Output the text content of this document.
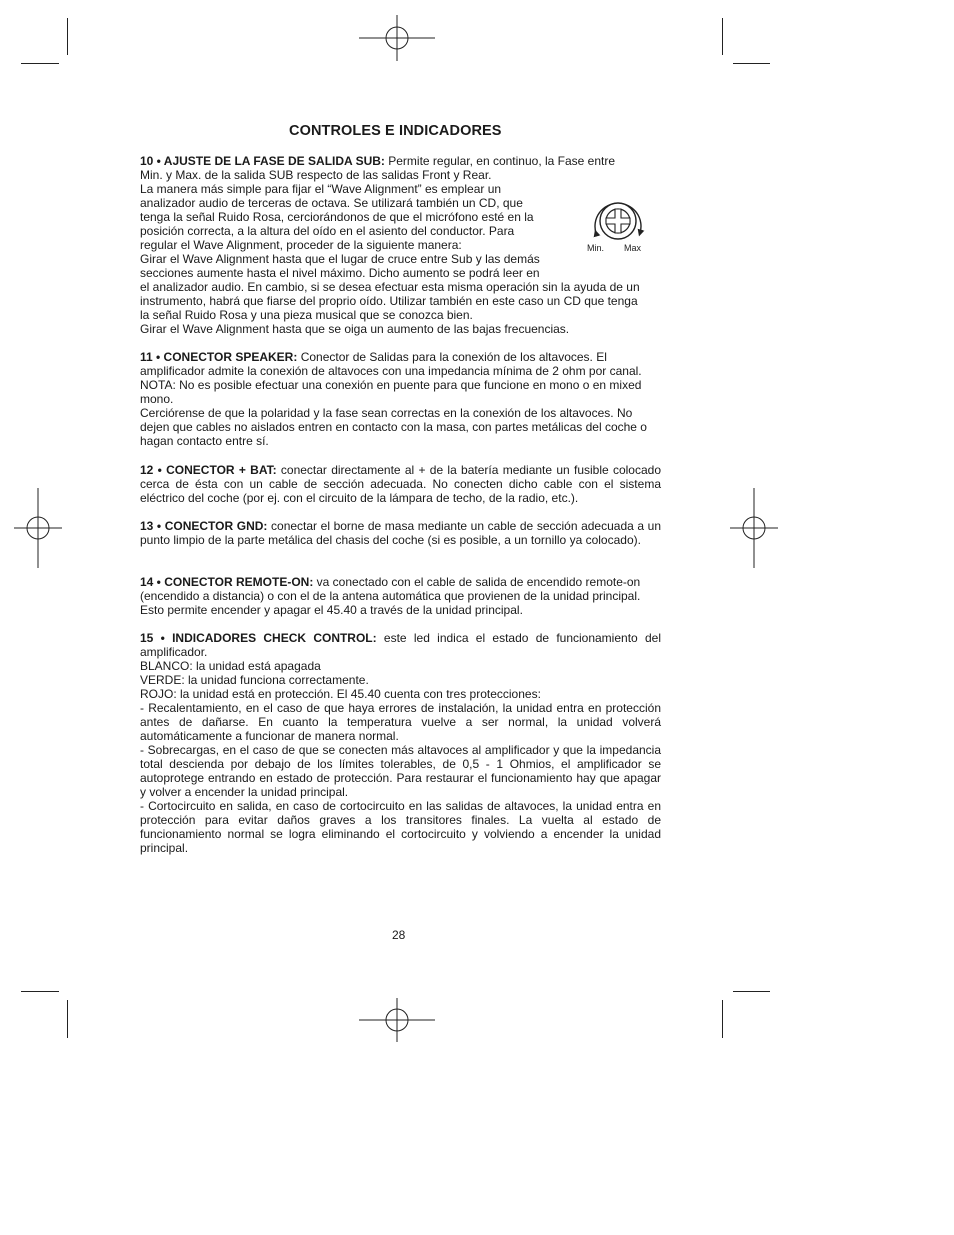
CONTROLES E INDICADORES
10 • AJUSTE DE LA FASE DE SALIDA SUB: Permite regular, en continuo, la Fase entre
Min. y Max. de la salida SUB respecto de las salidas Front y Rear.
La manera más simple para fijar el “Wave Alignment” es emplear un
analizador audio de terceras de octava. Se utilizará también un CD, que
tenga la señal Ruido Rosa, cerciorándonos de que el micrófono esté en la
posición correcta, a la altura del oído en el asiento del conductor. Para
regular el Wave Alignment, proceder de la siguiente manera:
Girar el Wave Alignment hasta que el lugar de cruce entre Sub y las demás
secciones aumente hasta el nivel máximo. Dicho aumento se podrá leer en
el analizador audio. En cambio, si se desea efectuar esta misma operación sin la ayuda de un
instrumento, habrá que fiarse del proprio oído. Utilizar también en este caso un CD que tenga
la señal Ruido Rosa y una pieza musical que se conozca bien.
Girar el Wave Alignment hasta que se oiga un aumento de las bajas frecuencias.
Min. Max

11 • CONECTOR SPEAKER: Conector de Salidas para la conexión de los altavoces. El amplificador admite la conexión de altavoces con una impedancia mínima de 2 ohm por canal.

NOTA: No es posible efectuar una conexión en puente para que funcione en mono o en mixed mono.

Cerciórense de que la polaridad y la fase sean correctas en la conexión de los altavoces. No dejen que cables no aislados entren en contacto con la masa, con partes metálicas del coche o hagan contacto entre sí.

12 • CONECTOR + BAT: conectar directamente al + de la batería mediante un fusible colocado cerca de ésta con un cable de sección adecuada. No conecten dicho cable con el sistema eléctrico del coche (por ej. con el circuito de la lámpara de techo, de la radio, etc.).

13 • CONECTOR GND: conectar el borne de masa mediante un cable de sección adecuada a un punto limpio de la parte metálica del chasis del coche (si es posible, a un tornillo ya colocado).

14 • CONECTOR REMOTE-ON: va conectado con el cable de salida de encendido remote-on (encendido a distancia) o con el de la antena automática que provienen de la unidad principal. Esto permite encender y apagar el 45.40 a través de la unidad principal.

15 • INDICADORES CHECK CONTROL: este led indica el estado de funcionamiento del amplificador.

BLANCO: la unidad está apagada

VERDE: la unidad funciona correctamente.

ROJO: la unidad está en protección. El 45.40 cuenta con tres protecciones:

- Recalentamiento, en el caso de que haya errores de instalación, la unidad entra en protección antes de dañarse. En cuanto la temperatura vuelve a ser normal, la unidad volverá automáticamente a funcionar de manera normal.

- Sobrecargas, en el caso de que se conecten más altavoces al amplificador y que la impedancia total descienda por debajo de los límites tolerables, de 0,5 - 1 Ohmios, el amplificador se autoprotege entrando en estado de protección. Para restaurar el funcionamiento hay que apagar y volver a encender la unidad principal.

- Cortocircuito en salida, en caso de cortocircuito en las salidas de altavoces, la unidad entra en protección para evitar daños graves a los transitores finales. La vuelta al estado de funcionamiento normal se logra eliminando el cortocircuito y volviendo a encender la unidad principal.

28
